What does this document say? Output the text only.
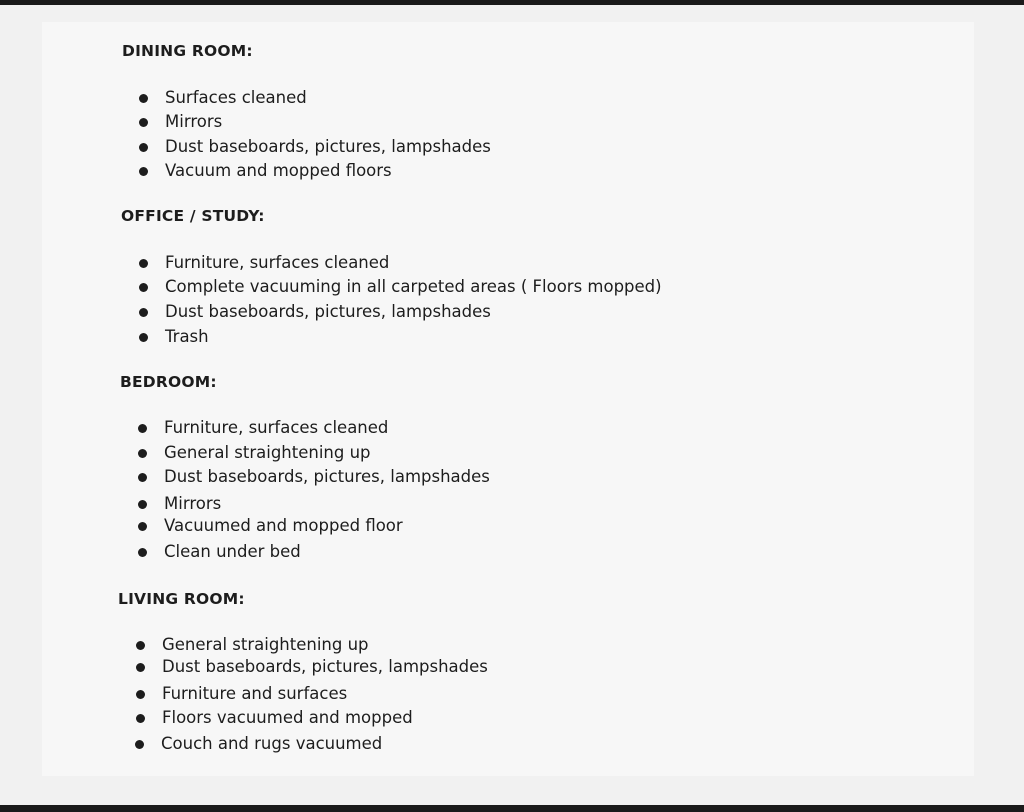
DINING ROOM:
Surfaces cleaned
Mirrors
Dust baseboards, pictures, lampshades
Vacuum and mopped floors
OFFICE / STUDY:
Furniture, surfaces cleaned
Complete vacuuming in all carpeted areas ( Floors mopped)
Dust baseboards, pictures, lampshades
Trash
BEDROOM:
Furniture, surfaces cleaned
General straightening up
Dust baseboards, pictures, lampshades
Mirrors
Vacuumed and mopped floor
Clean under bed
LIVING ROOM:
General straightening up
Dust baseboards, pictures, lampshades
Furniture and surfaces
Floors vacuumed and mopped
Couch and rugs vacuumed
